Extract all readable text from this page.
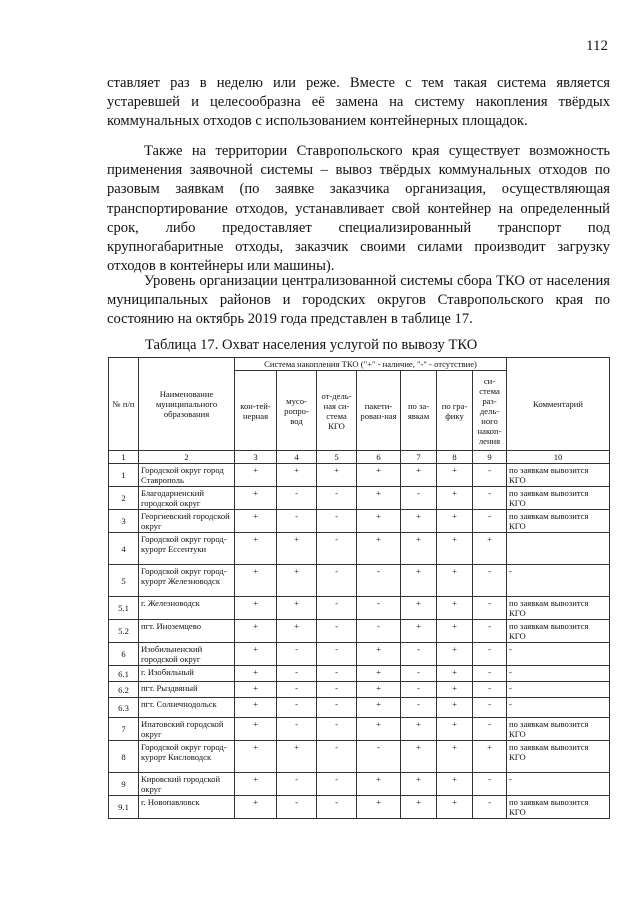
112

ставляет раз в неделю или реже. Вместе с тем такая система является устаревшей и целесообразна её замена на систему накопления твёрдых коммунальных отходов с использованием контейнерных площадок.

Также на территории Ставропольского края существует возможность применения заявочной системы – вывоз твёрдых коммунальных отходов по разовым заявкам (по заявке заказчика организация, осуществляющая транспортирование отходов, устанавливает свой контейнер на определенный срок, либо предоставляет специализированный транспорт под крупногабаритные отходы, заказчик своими силами производит загрузку отходов в контейнеры или машины).

Уровень организации централизованной системы сбора ТКО от населения муниципальных районов и городских округов Ставропольского края по состоянию на октябрь 2019 года представлен в таблице 17.

Таблица 17. Охват населения услугой по вывозу ТКО
№ п/п	Наименование муниципального образования	Система накопления ТКО ("+" - наличие, "-" - отсутствие)							Комментарий
		кон-тей-нерная	мусо-ропро-вод	от-дель-ная си-стема КГО	пакети-рован-ная	по за-явкам	по гра-фику	си-стема раз-дель-ного накоп-ления	
1	2	3	4	5	6	7	8	9	10
1	Городской округ город Ставрополь	+	+	+	+	+	+	-	по заявкам вывозится КГО
2	Благодарненский городской округ	+	-	-	+	-	+	-	по заявкам вывозится КГО
3	Георгиевский городской округ	+	-	-	+	+	+	-	по заявкам вывозится КГО
4	Городской округ город-курорт Ессентуки	+	+	-	+	+	+	+	
5	Городской округ город-курорт Железноводск	+	+	-	-	+	+	-	-
5.1	г. Железноводск	+	+	-	-	+	+	-	по заявкам вывозится КГО
5.2	пгт. Иноземцево	+	+	-	-	+	+	-	по заявкам вывозится КГО
6	Изобильненский городской округ	+	-	-	+	-	+	-	-
6.1	г. Изобильный	+	-	-	+	-	+	-	-
6.2	пгт. Рыздвяный	+	-	-	+	-	+	-	-
6.3	пгт. Солнечнодольск	+	-	-	+	-	+	-	-
7	Ипатовский городской округ	+	-	-	+	+	+	-	по заявкам вывозится КГО
8	Городской округ город-курорт Кисловодск	+	+	-	-	+	+	+	по заявкам вывозится КГО
9	Кировский городской округ	+	-	-	+	+	+	-	-
9.1	г. Новопавловск	+	-	-	+	+	+	-	по заявкам вывозится КГО
